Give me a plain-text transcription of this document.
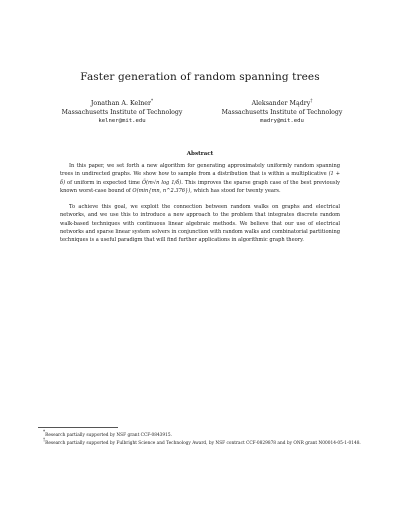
Faster generation of random spanning trees
Jonathan A. Kelner*
Massachusetts Institute of Technology
kelner@mit.edu
Aleksander Mądry†
Massachusetts Institute of Technology
madry@mit.edu
Abstract

In this paper, we set forth a new algorithm for generating approximately uniformly random spanning trees in undirected graphs. We show how to sample from a distribution that is within a multiplicative (1 + δ) of uniform in expected time Õ(m√n log 1/δ). This improves the sparse graph case of the best previously known worst-case bound of O(min{mn, n^2.376}), which has stood for twenty years.

To achieve this goal, we exploit the connection between random walks on graphs and electrical networks, and we use this to introduce a new approach to the problem that integrates discrete random walk-based techniques with continuous linear algebraic methods. We believe that our use of electrical networks and sparse linear system solvers in conjunction with random walks and combinatorial partitioning techniques is a useful paradigm that will find further applications in algorithmic graph theory.

*Research partially supported by NSF grant CCF-0843915.

†Research partially supported by Fulbright Science and Technology Award, by NSF contract CCF-0829878 and by ONR grant N00014-05-1-0148.
